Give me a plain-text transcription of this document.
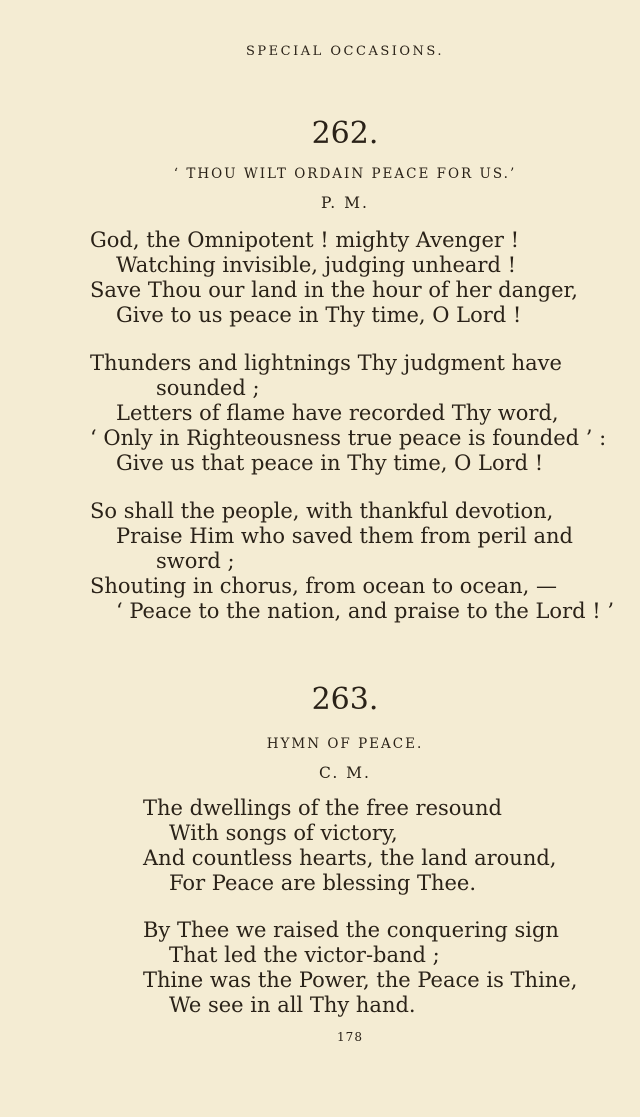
SPECIAL OCCASIONS.
262.
‘ THOU WILT ORDAIN PEACE FOR US.’
P. M.
God, the Omnipotent ! mighty Avenger !
Watching invisible, judging unheard !
Save Thou our land in the hour of her danger,
Give to us peace in Thy time, O Lord !
Thunders and lightnings Thy judgment have
sounded ;
Letters of flame have recorded Thy word,
‘ Only in Righteousness true peace is founded ’ :
Give us that peace in Thy time, O Lord !
So shall the people, with thankful devotion,
Praise Him who saved them from peril and
sword ;
Shouting in chorus, from ocean to ocean, —
‘ Peace to the nation, and praise to the Lord ! ’
263.
HYMN OF PEACE.
C. M.
The dwellings of the free resound
With songs of victory,
And countless hearts, the land around,
For Peace are blessing Thee.
By Thee we raised the conquering sign
That led the victor-band ;
Thine was the Power, the Peace is Thine,
We see in all Thy hand.
178
